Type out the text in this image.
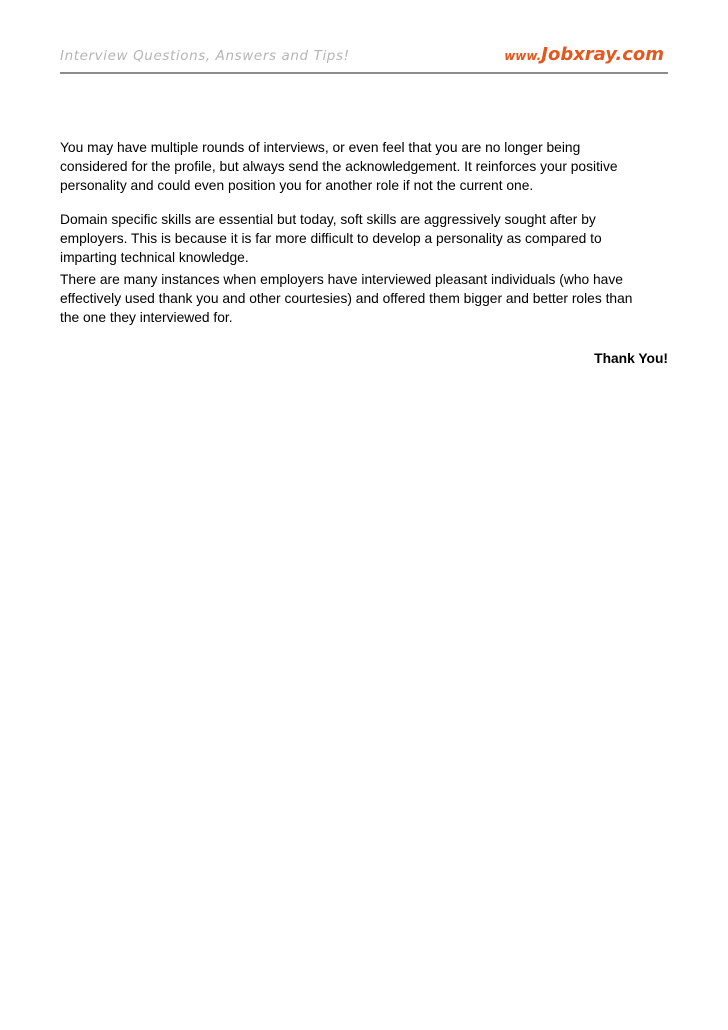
Interview Questions, Answers and Tips!	www.Jobxray.com

You may have multiple rounds of interviews, or even feel that you are no longer being
considered for the profile, but always send the acknowledgement. It reinforces your positive
personality and could even position you for another role if not the current one.

Domain specific skills are essential but today, soft skills are aggressively sought after by
employers. This is because it is far more difficult to develop a personality as compared to
imparting technical knowledge.

There are many instances when employers have interviewed pleasant individuals (who have
effectively used thank you and other courtesies) and offered them bigger and better roles than
the one they interviewed for.

Thank You!
